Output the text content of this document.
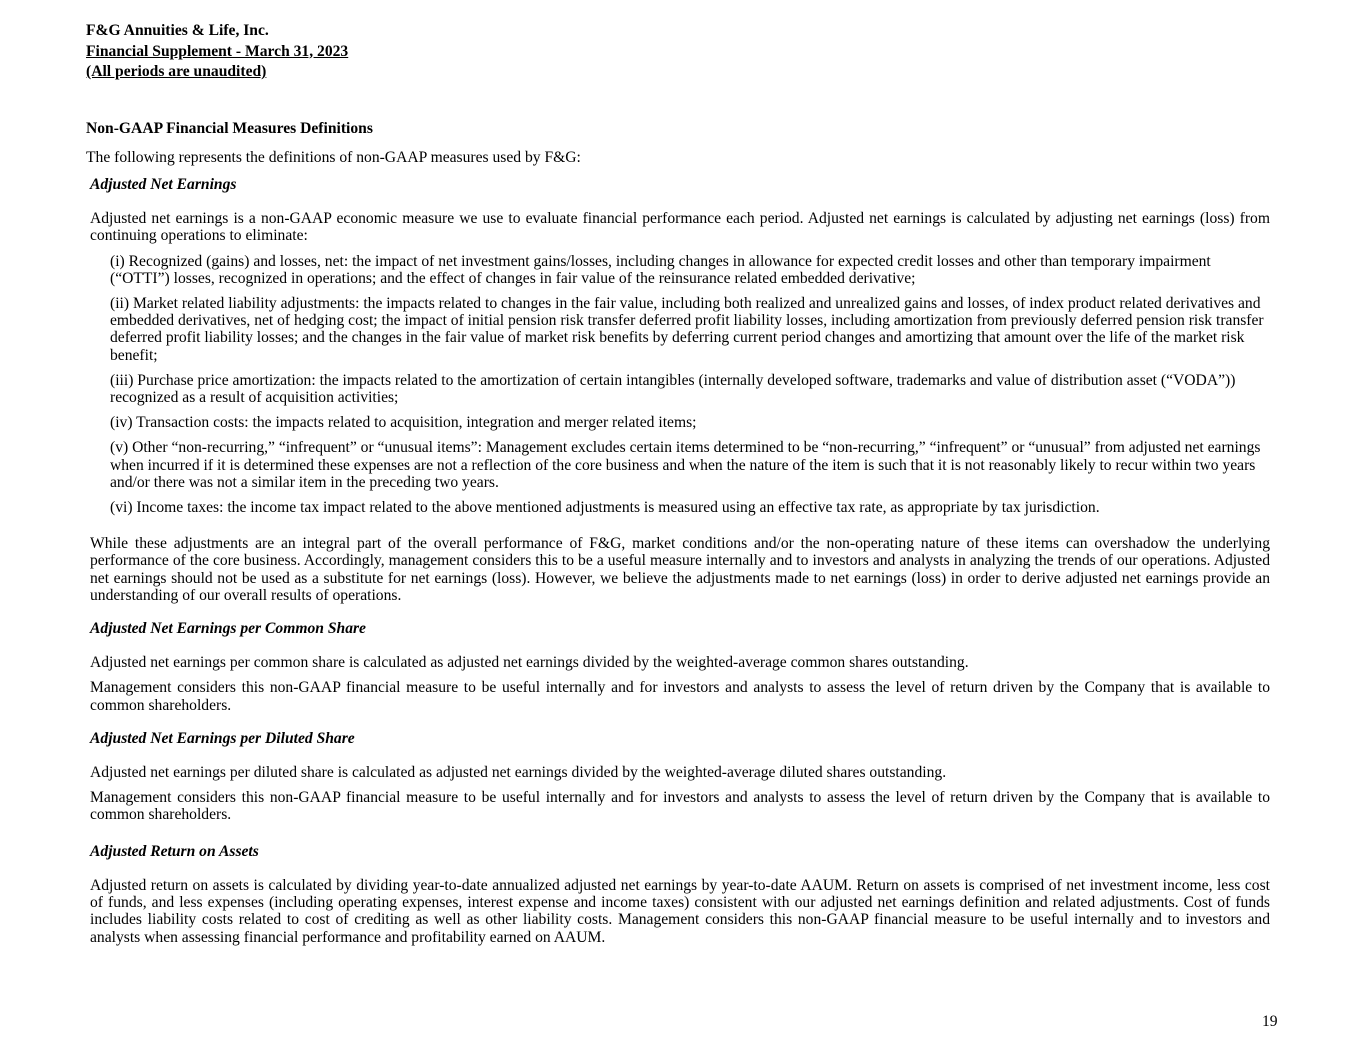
F&G Annuities & Life, Inc.
Financial Supplement - March 31, 2023
(All periods are unaudited)
Non-GAAP Financial Measures Definitions
The following represents the definitions of non-GAAP measures used by F&G:

Adjusted Net Earnings

Adjusted net earnings is a non-GAAP economic measure we use to evaluate financial performance each period. Adjusted net earnings is calculated by adjusting net earnings (loss) from continuing operations to eliminate:

(i) Recognized (gains) and losses, net: the impact of net investment gains/losses, including changes in allowance for expected credit losses and other than temporary impairment (“OTTI”) losses, recognized in operations; and the effect of changes in fair value of the reinsurance related embedded derivative;

(ii) Market related liability adjustments: the impacts related to changes in the fair value, including both realized and unrealized gains and losses, of index product related derivatives and embedded derivatives, net of hedging cost; the impact of initial pension risk transfer deferred profit liability losses, including amortization from previously deferred pension risk transfer deferred profit liability losses; and the changes in the fair value of market risk benefits by deferring current period changes and amortizing that amount over the life of the market risk benefit;

(iii) Purchase price amortization: the impacts related to the amortization of certain intangibles (internally developed software, trademarks and value of distribution asset (“VODA”)) recognized as a result of acquisition activities;

(iv) Transaction costs: the impacts related to acquisition, integration and merger related items;

(v) Other “non-recurring,” “infrequent” or “unusual items”: Management excludes certain items determined to be “non-recurring,” “infrequent” or “unusual” from adjusted net earnings when incurred if it is determined these expenses are not a reflection of the core business and when the nature of the item is such that it is not reasonably likely to recur within two years and/or there was not a similar item in the preceding two years.

(vi) Income taxes: the income tax impact related to the above mentioned adjustments is measured using an effective tax rate, as appropriate by tax jurisdiction.

While these adjustments are an integral part of the overall performance of F&G, market conditions and/or the non-operating nature of these items can overshadow the underlying performance of the core business. Accordingly, management considers this to be a useful measure internally and to investors and analysts in analyzing the trends of our operations. Adjusted net earnings should not be used as a substitute for net earnings (loss). However, we believe the adjustments made to net earnings (loss) in order to derive adjusted net earnings provide an understanding of our overall results of operations.

Adjusted Net Earnings per Common Share

Adjusted net earnings per common share is calculated as adjusted net earnings divided by the weighted-average common shares outstanding.

Management considers this non-GAAP financial measure to be useful internally and for investors and analysts to assess the level of return driven by the Company that is available to common shareholders.

Adjusted Net Earnings per Diluted Share

Adjusted net earnings per diluted share is calculated as adjusted net earnings divided by the weighted-average diluted shares outstanding.

Management considers this non-GAAP financial measure to be useful internally and for investors and analysts to assess the level of return driven by the Company that is available to common shareholders.

Adjusted Return on Assets

Adjusted return on assets is calculated by dividing year-to-date annualized adjusted net earnings by year-to-date AAUM. Return on assets is comprised of net investment income, less cost of funds, and less expenses (including operating expenses, interest expense and income taxes) consistent with our adjusted net earnings definition and related adjustments. Cost of funds includes liability costs related to cost of crediting as well as other liability costs. Management considers this non-GAAP financial measure to be useful internally and to investors and analysts when assessing financial performance and profitability earned on AAUM.

19
